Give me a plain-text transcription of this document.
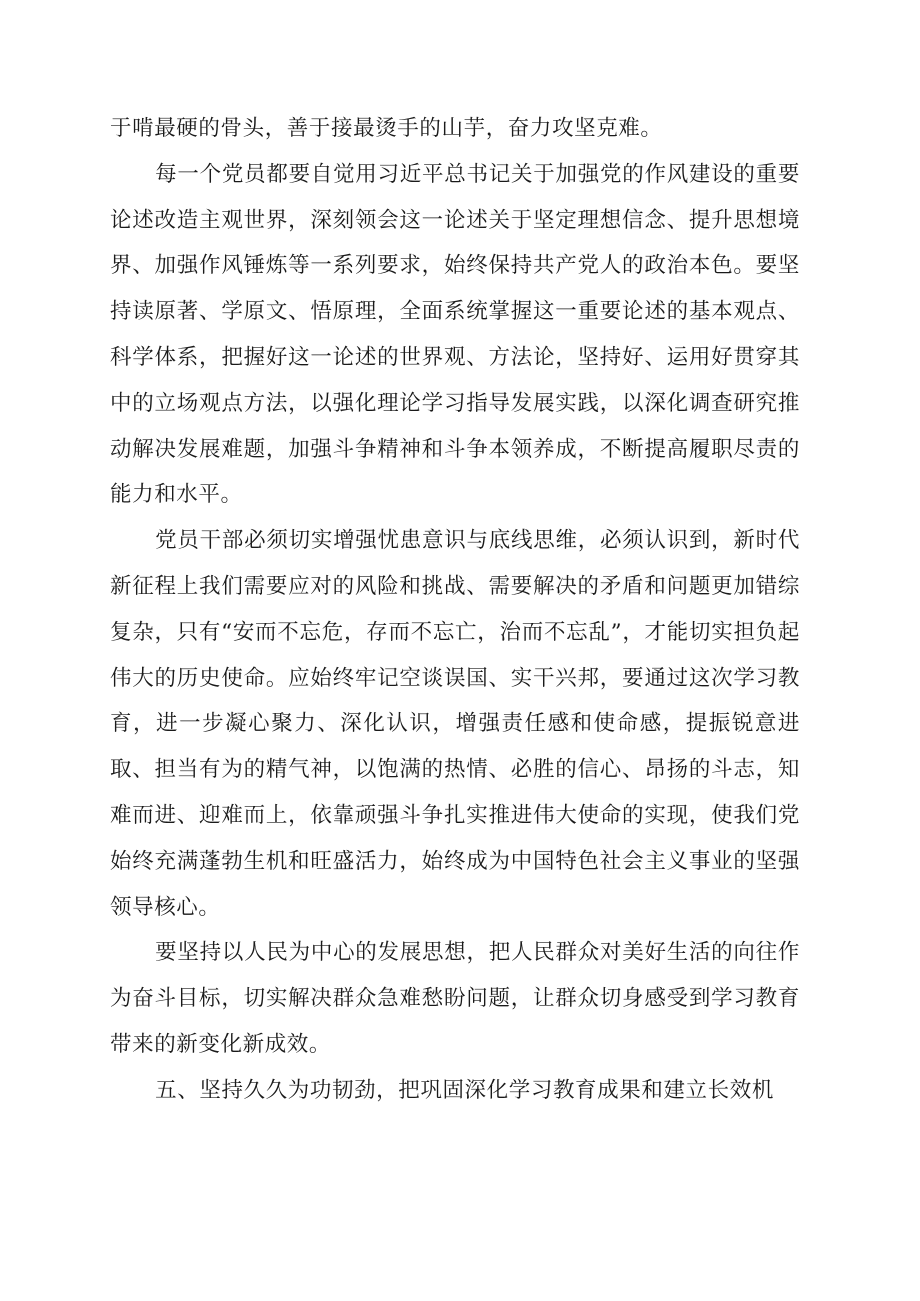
于啃最硬的骨头，善于接最烫手的山芋，奋力攻坚克难。

每一个党员都要自觉用习近平总书记关于加强党的作风建设的重要论述改造主观世界，深刻领会这一论述关于坚定理想信念、提升思想境界、加强作风锤炼等一系列要求，始终保持共产党人的政治本色。要坚持读原著、学原文、悟原理，全面系统掌握这一重要论述的基本观点、科学体系，把握好这一论述的世界观、方法论，坚持好、运用好贯穿其中的立场观点方法，以强化理论学习指导发展实践，以深化调查研究推动解决发展难题，加强斗争精神和斗争本领养成，不断提高履职尽责的能力和水平。

党员干部必须切实增强忧患意识与底线思维，必须认识到，新时代新征程上我们需要应对的风险和挑战、需要解决的矛盾和问题更加错综复杂，只有“安而不忘危，存而不忘亡，治而不忘乱”，才能切实担负起伟大的历史使命。应始终牢记空谈误国、实干兴邦，要通过这次学习教育，进一步凝心聚力、深化认识，增强责任感和使命感，提振锐意进取、担当有为的精气神，以饱满的热情、必胜的信心、昂扬的斗志，知难而进、迎难而上，依靠顽强斗争扎实推进伟大使命的实现，使我们党始终充满蓬勃生机和旺盛活力，始终成为中国特色社会主义事业的坚强领导核心。

要坚持以人民为中心的发展思想，把人民群众对美好生活的向往作为奋斗目标，切实解决群众急难愁盼问题，让群众切身感受到学习教育带来的新变化新成效。

五、坚持久久为功韧劲，把巩固深化学习教育成果和建立长效机
